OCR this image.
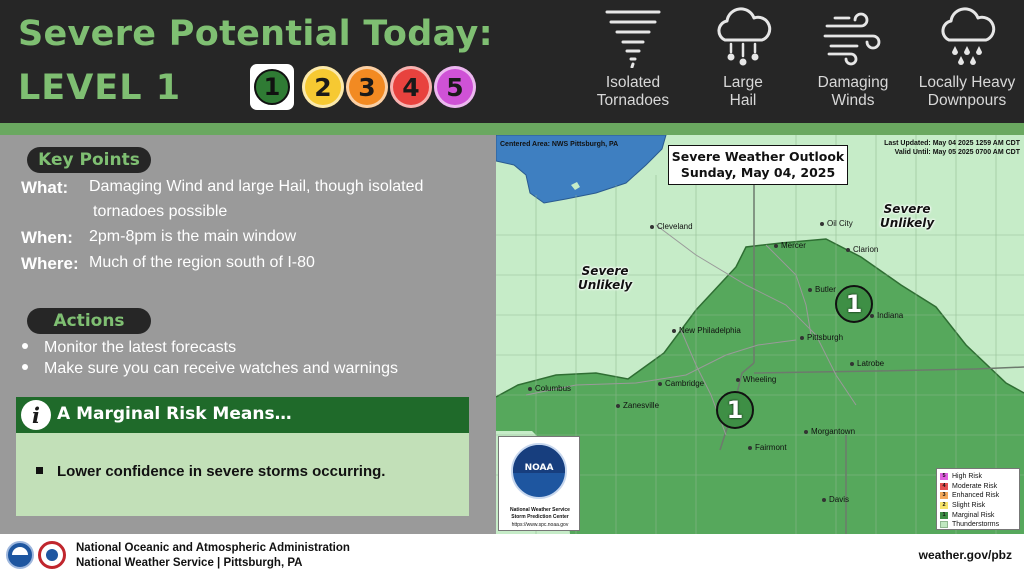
Severe Potential Today:
LEVEL 1	1	2	3	4	5	Isolated
Tornadoes
Large
Hail
Damaging
Winds
Locally Heavy
Downpours
Key Points
What: Damaging Wind and large Hail, though isolated
tornadoes possible
When: 2pm-8pm is the main window
Where: Much of the region south of I-80
Actions
Monitor the latest forecasts
Make sure you can receive watches and warnings
i	A Marginal Risk Means…
Lower confidence in severe storms occurring.
Centered Area: NWS Pittsburgh, PA	Last Updated: May 04 2025 1259 AM CDT
Valid Until: May 05 2025 0700 AM CDT
Severe Weather Outlook
Sunday, May 04, 2025
Severe
Unlikely
Severe
Unlikely
1
1
Cleveland	Oil City
Mercer	Clarion
Butler
Indiana
New Philadelphia
Pittsburgh
Latrobe
Columbus
Cambridge	Wheeling
Zanesville
Morgantown
Fairmont
Davis
NOAA
National Weather Service
Storm Prediction Center
https://www.spc.noaa.gov
5 High Risk
4 Moderate Risk
3 Enhanced Risk
2 Slight Risk
1 Marginal Risk
Thunderstorms
National Oceanic and Atmospheric Administration
National Weather Service | Pittsburgh, PA
weather.gov/pbz
